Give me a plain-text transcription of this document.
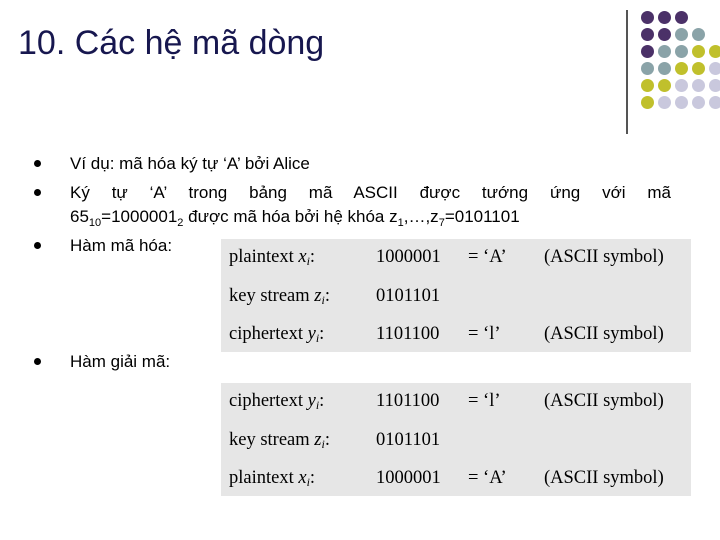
10. Các hệ mã dòng
Ví dụ: mã hóa ký tự ‘A’ bởi Alice
Ký tự ‘A’ trong bảng mã ASCII được tướng ứng với mã
$65_{10}=1000001_2$ được mã hóa bởi hệ khóa $z_1,\dots,z_7=0101101$
Hàm mã hóa:
Hàm giải mã:
plaintext xi:	1000001 = ‘A’ (ASCII symbol)
key stream zi: 0101101
ciphertext yi:	1101100 = ‘l’ (ASCII symbol)
ciphertext yi:	1101100 = ‘l’ (ASCII symbol)
key stream zi: 0101101
plaintext xi:	1000001 = ‘A’ (ASCII symbol)
